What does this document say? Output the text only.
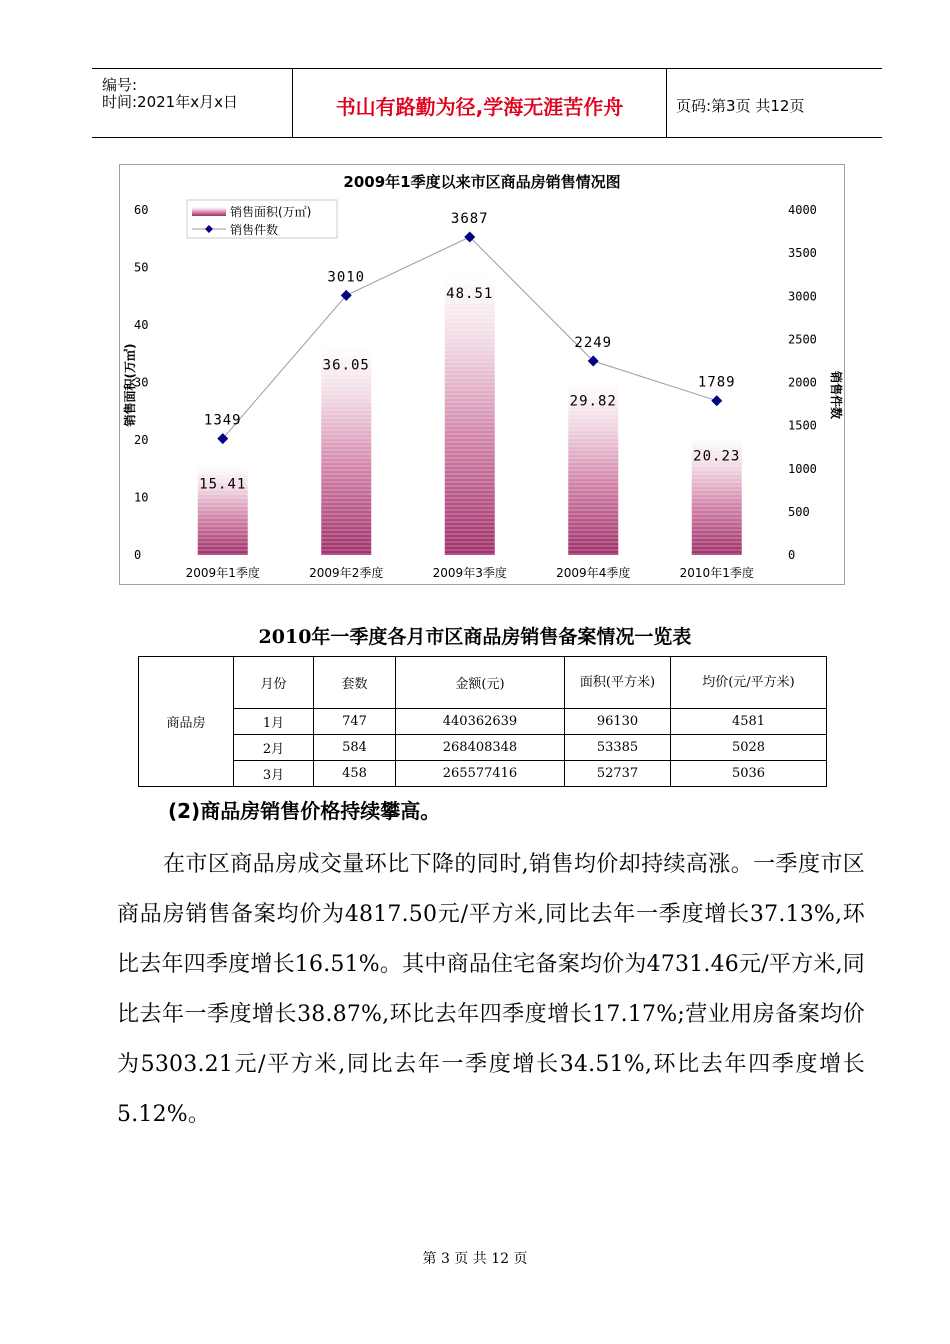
编号:
时间:2021年x月x日	书山有路勤为径,学海无涯苦作舟	页码:第3页 共12页
2009年1季度以来市区商品房销售情况图
0
10
20
30
40
50
60
0
500
1000
1500
2000
2500
3000
3500
4000
销售面积(万㎡)	销售件数
15.41
36.05
48.51
29.82
20.23
1349
3010
3687
2249
1789
2009年1季度	2009年2季度	2009年3季度	2009年4季度	2010年1季度
销售面积(万㎡)
销售件数
2010年一季度各月市区商品房销售备案情况一览表
商品房	月份	套数	金额(元)	面积(平方米)	均价(元/平方米)
	1月	747	440362639	96130	4581
	2月	584	268408348	53385	5028
	3月	458	265577416	52737	5036
(2)商品房销售价格持续攀高。
在市区商品房成交量环比下降的同时,销售均价却持续高涨。一季度市区商品房销售备案均价为4817.50元/平方米,同比去年一季度增长37.13%,环比去年四季度增长16.51%。其中商品住宅备案均价为4731.46元/平方米,同比去年一季度增长38.87%,环比去年四季度增长17.17%;营业用房备案均价为5303.21元/平方米,同比去年一季度增长34.51%,环比去年四季度增长5.12%。
第 3 页 共 12 页
